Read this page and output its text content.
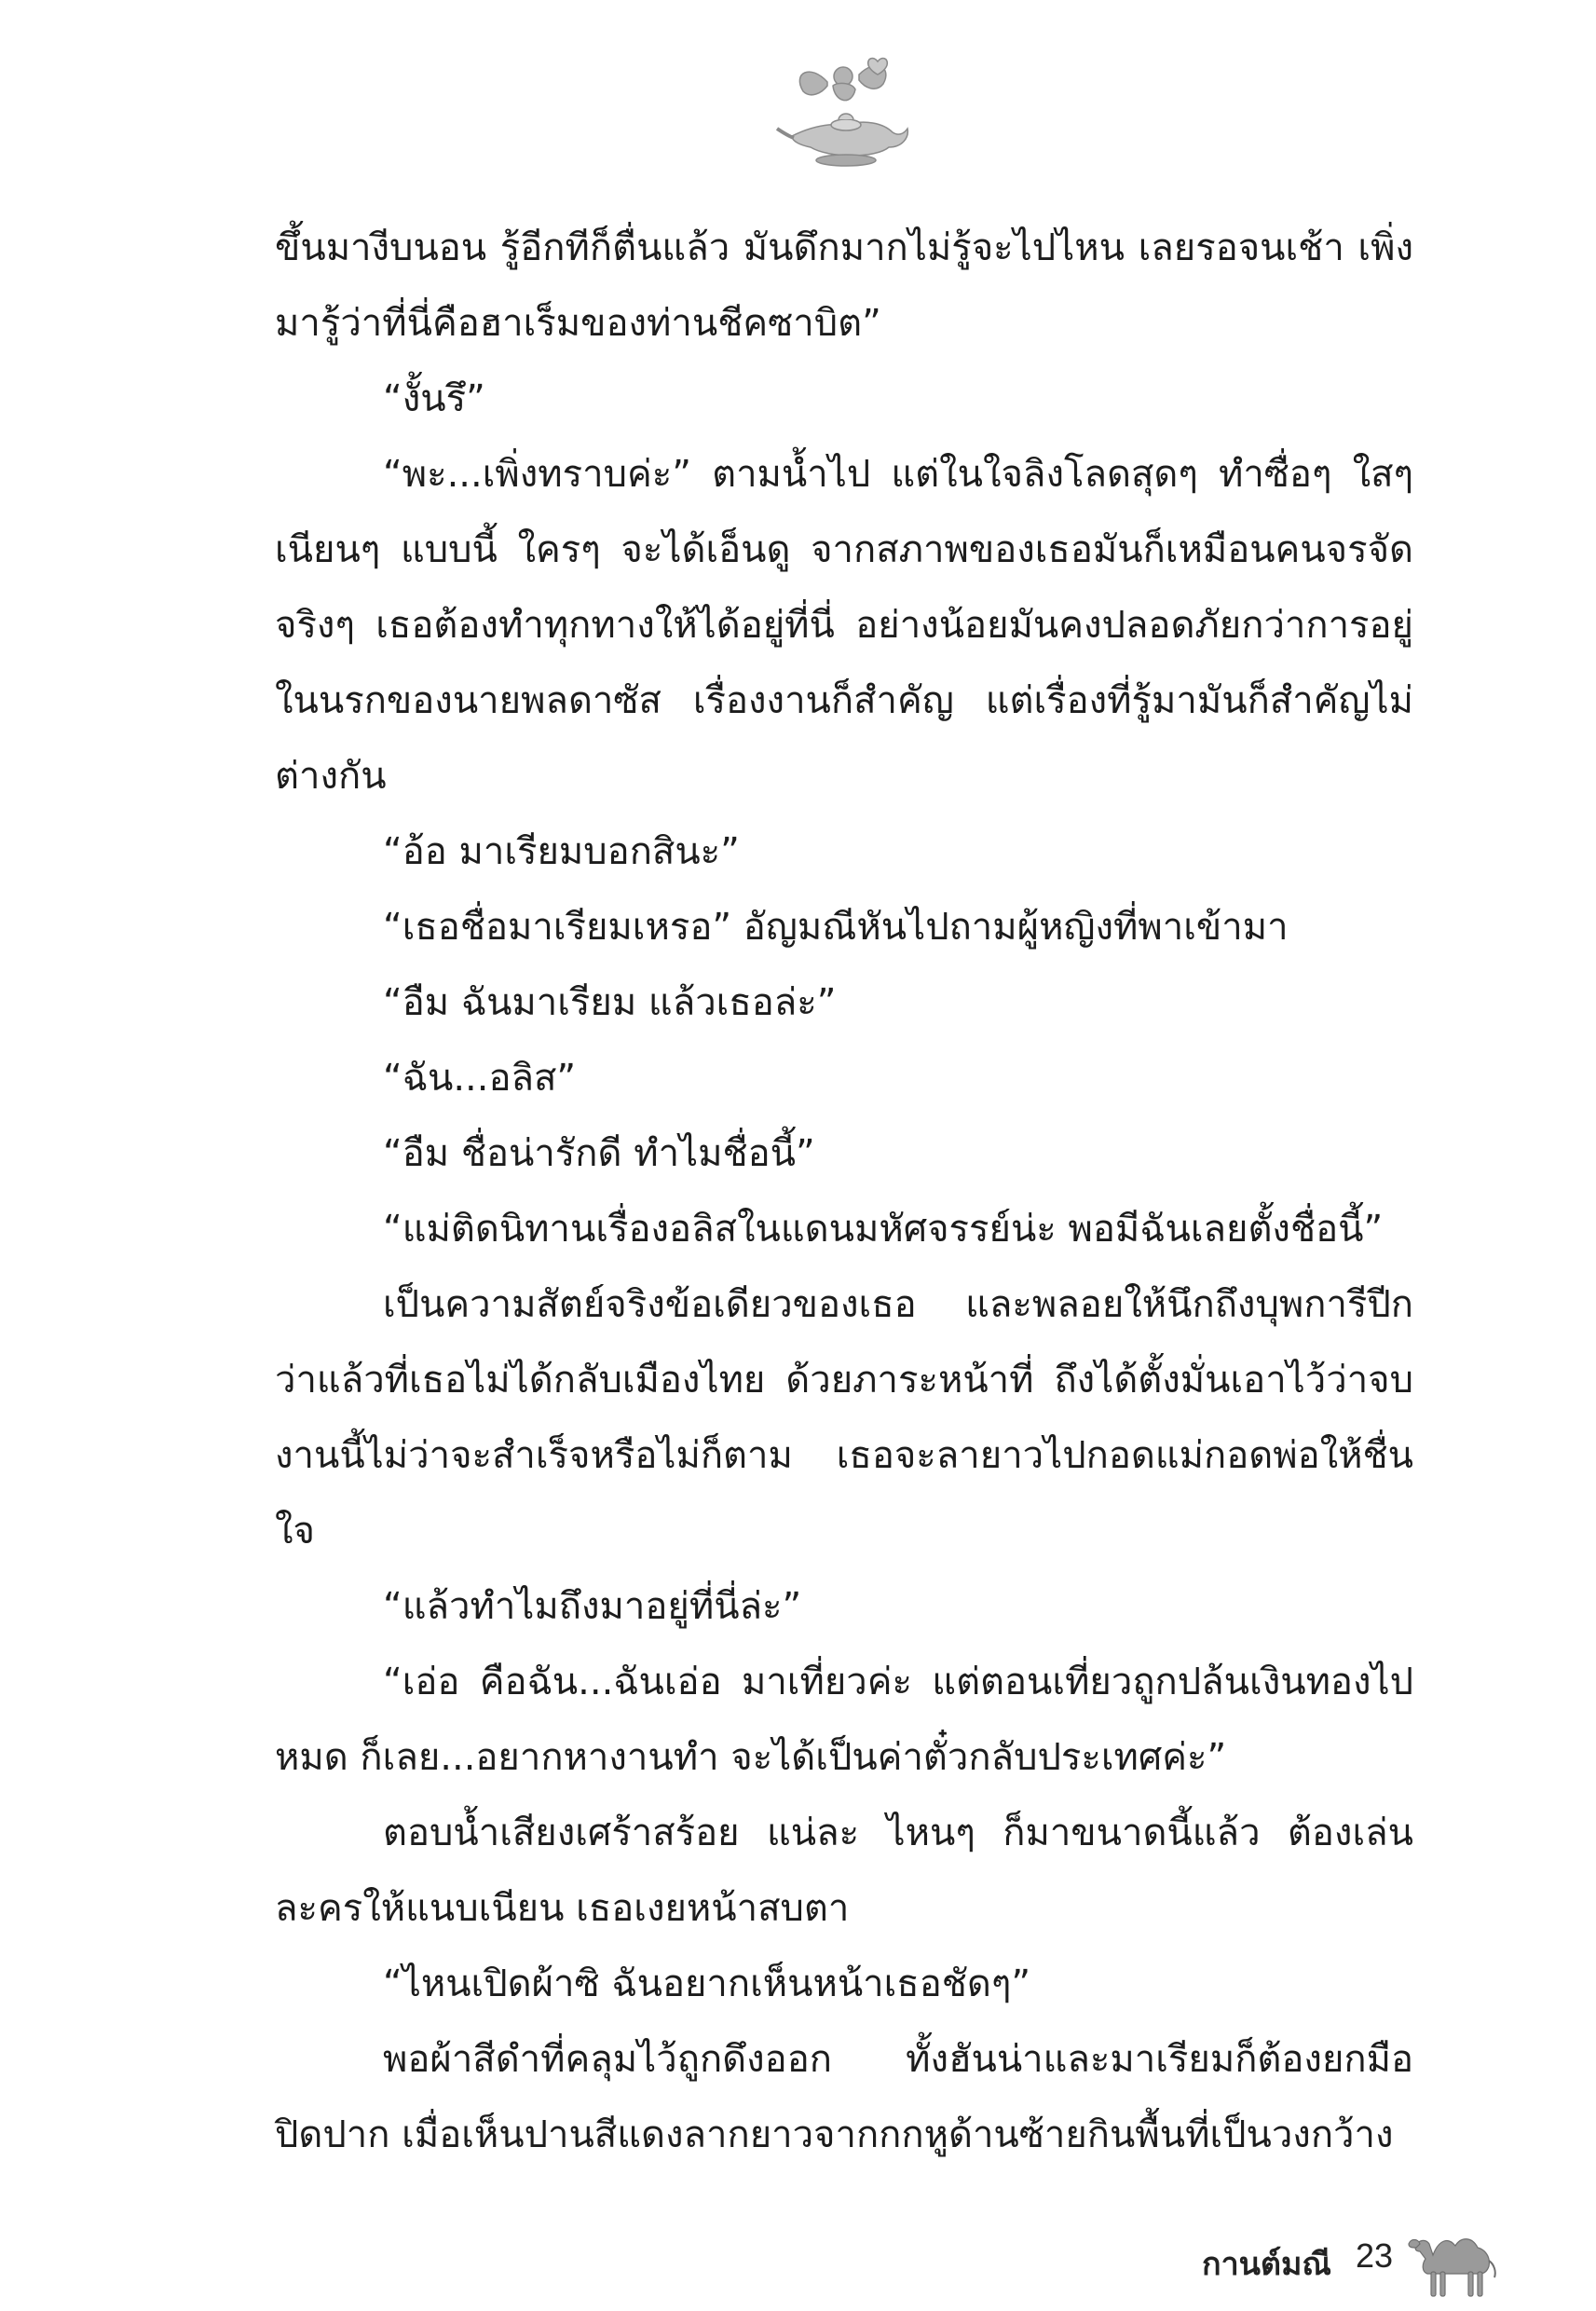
ขึ้นมางีบนอน รู้อีกทีก็ตื่นแล้ว มันดึกมากไม่รู้จะไปไหน เลยรอจนเช้า เพิ่งมารู้ว่าที่นี่คือฮาเร็มของท่านชีคซาบิต”

“งั้นรึ”

“พะ...เพิ่งทราบค่ะ” ตามน้ำไป แต่ในใจลิงโลดสุดๆ ทำซื่อๆ ใสๆ เนียนๆ แบบนี้ ใครๆ จะได้เอ็นดู จากสภาพของเธอมันก็เหมือนคนจรจัดจริงๆ เธอต้องทำทุกทางให้ได้อยู่ที่นี่ อย่างน้อยมันคงปลอดภัยกว่าการอยู่ในนรกของนายพลดาซัส เรื่องงานก็สำคัญ แต่เรื่องที่รู้มามันก็สำคัญไม่ต่างกัน

“อ้อ มาเรียมบอกสินะ”

“เธอชื่อมาเรียมเหรอ” อัญมณีหันไปถามผู้หญิงที่พาเข้ามา

“อืม ฉันมาเรียม แล้วเธอล่ะ”

“ฉัน...อลิส”

“อืม ชื่อน่ารักดี ทำไมชื่อนี้”

“แม่ติดนิทานเรื่องอลิสในแดนมหัศจรรย์น่ะ พอมีฉันเลยตั้งชื่อนี้”

เป็นความสัตย์จริงข้อเดียวของเธอ และพลอยให้นึกถึงบุพการีปีกว่าแล้วที่เธอไม่ได้กลับเมืองไทย ด้วยภาระหน้าที่ ถึงได้ตั้งมั่นเอาไว้ว่าจบงานนี้ไม่ว่าจะสำเร็จหรือไม่ก็ตาม เธอจะลายาวไปกอดแม่กอดพ่อให้ชื่นใจ

“แล้วทำไมถึงมาอยู่ที่นี่ล่ะ”

“เอ่อ คือฉัน...ฉันเอ่อ มาเที่ยวค่ะ แต่ตอนเที่ยวถูกปล้นเงินทองไปหมด ก็เลย...อยากหางานทำ จะได้เป็นค่าตั๋วกลับประเทศค่ะ”

ตอบน้ำเสียงเศร้าสร้อย แน่ละ ไหนๆ ก็มาขนาดนี้แล้ว ต้องเล่นละครให้แนบเนียน เธอเงยหน้าสบตา

“ไหนเปิดผ้าซิ ฉันอยากเห็นหน้าเธอชัดๆ”

พอผ้าสีดำที่คลุมไว้ถูกดึงออก ทั้งฮันน่าและมาเรียมก็ต้องยกมือปิดปาก เมื่อเห็นปานสีแดงลากยาวจากกกหูด้านซ้ายกินพื้นที่เป็นวงกว้าง

กานต์มณี 23
